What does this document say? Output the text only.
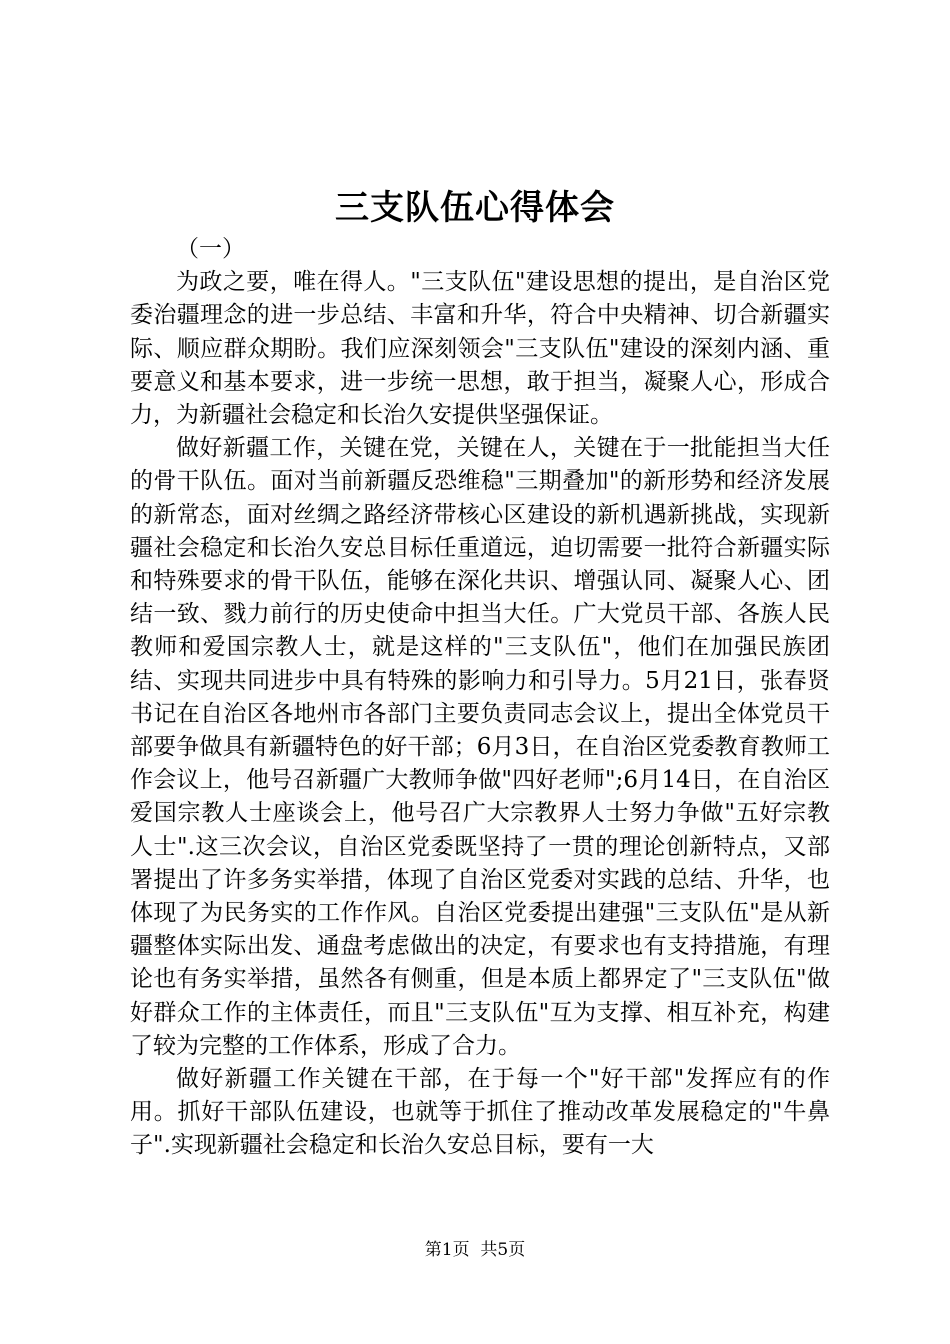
三支队伍心得体会

（一）

为政之要，唯在得人。"三支队伍"建设思想的提出，是自治区党委治疆理念的进一步总结、丰富和升华，符合中央精神、切合新疆实际、顺应群众期盼。我们应深刻领会"三支队伍"建设的深刻内涵、重要意义和基本要求，进一步统一思想，敢于担当，凝聚人心，形成合力，为新疆社会稳定和长治久安提供坚强保证。

做好新疆工作，关键在党，关键在人，关键在于一批能担当大任的骨干队伍。面对当前新疆反恐维稳"三期叠加"的新形势和经济发展的新常态，面对丝绸之路经济带核心区建设的新机遇新挑战，实现新疆社会稳定和长治久安总目标任重道远，迫切需要一批符合新疆实际和特殊要求的骨干队伍，能够在深化共识、增强认同、凝聚人心、团结一致、戮力前行的历史使命中担当大任。广大党员干部、各族人民教师和爱国宗教人士，就是这样的"三支队伍"，他们在加强民族团结、实现共同进步中具有特殊的影响力和引导力。5月21日，张春贤书记在自治区各地州市各部门主要负责同志会议上，提出全体党员干部要争做具有新疆特色的好干部；6月3日，在自治区党委教育教师工作会议上，他号召新疆广大教师争做"四好老师";6月14日，在自治区爱国宗教人士座谈会上，他号召广大宗教界人士努力争做"五好宗教人士".这三次会议，自治区党委既坚持了一贯的理论创新特点，又部署提出了许多务实举措，体现了自治区党委对实践的总结、升华，也体现了为民务实的工作作风。自治区党委提出建强"三支队伍"是从新疆整体实际出发、通盘考虑做出的决定，有要求也有支持措施，有理论也有务实举措，虽然各有侧重，但是本质上都界定了"三支队伍"做好群众工作的主体责任，而且"三支队伍"互为支撑、相互补充，构建了较为完整的工作体系，形成了合力。

做好新疆工作关键在干部，在于每一个"好干部"发挥应有的作用。抓好干部队伍建设，也就等于抓住了推动改革发展稳定的"牛鼻子".实现新疆社会稳定和长治久安总目标，要有一大

第1页 共5页
